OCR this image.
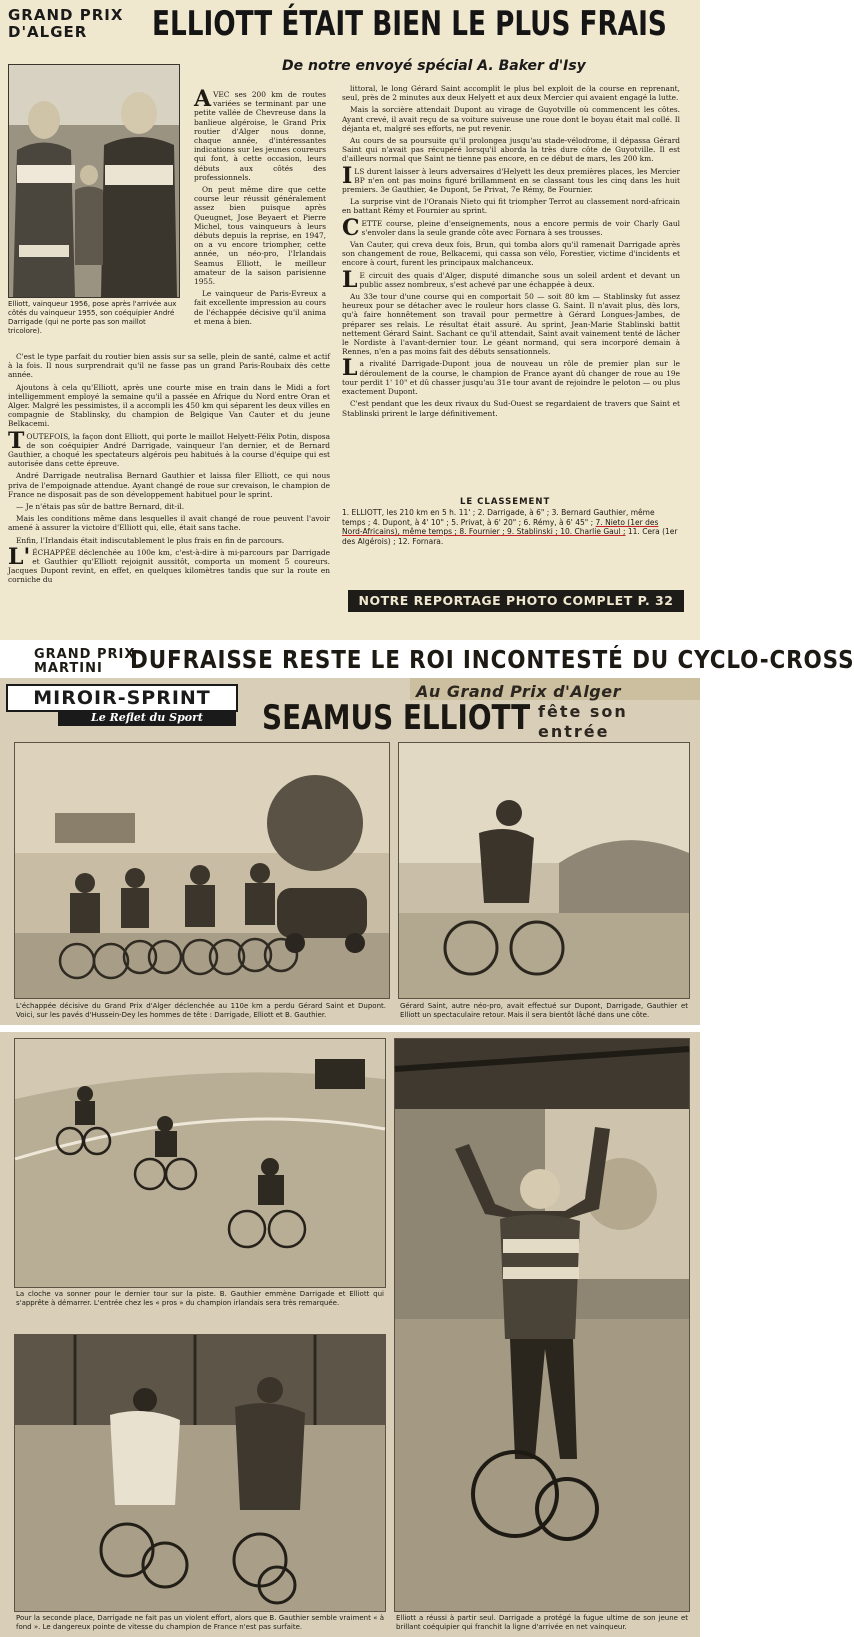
GRAND PRIX D'ALGER	ELLIOTT ÉTAIT BIEN LE PLUS FRAIS
De notre envoyé spécial A. Baker d'Isy
Elliott, vainqueur 1956, pose après l'arrivée aux côtés du vainqueur 1955, son coéquipier André Darrigade (qui ne porte pas son maillot tricolore).

AVEC ses 200 km de routes variées se terminant par une petite vallée de Chevreuse dans la banlieue algéroise, le Grand Prix routier d'Alger nous donne, chaque année, d'intéressantes indications sur les jeunes coureurs qui font, à cette occasion, leurs débuts aux côtés des professionnels.

On peut même dire que cette course leur réussit généralement assez bien puisque après Queugnet, Jose Beyaert et Pierre Michel, tous vainqueurs à leurs débuts depuis la reprise, en 1947, on a vu encore triompher, cette année, un néo-pro, l'Irlandais Seamus Elliott, le meilleur amateur de la saison parisienne 1955.

Le vainqueur de Paris-Evreux a fait excellente impression au cours de l'échappée décisive qu'il anima et mena à bien.

C'est le type parfait du routier bien assis sur sa selle, plein de santé, calme et actif à la fois. Il nous surprendrait qu'il ne fasse pas un grand Paris-Roubaix dès cette année.

Ajoutons à cela qu'Elliott, après une courte mise en train dans le Midi a fort intelligemment employé la semaine qu'il a passée en Afrique du Nord entre Oran et Alger. Malgré les pessimistes, il a accompli les 450 km qui séparent les deux villes en compagnie de Stablinsky, du champion de Belgique Van Cauter et du jeune Belkacemi.

TOUTEFOIS, la façon dont Elliott, qui porte le maillot Helyett-Félix Potin, disposa de son coéquipier André Darrigade, vainqueur l'an dernier, et de Bernard Gauthier, a choqué les spectateurs algérois peu habitués à la course d'équipe qui est autorisée dans cette épreuve.

André Darrigade neutralisa Bernard Gauthier et laissa filer Elliott, ce qui nous priva de l'empoignade attendue. Ayant changé de roue sur crevaison, le champion de France ne disposait pas de son développement habituel pour le sprint.

— Je n'étais pas sûr de battre Bernard, dit-il.

Mais les conditions même dans lesquelles il avait changé de roue peuvent l'avoir amené à assurer la victoire d'Elliott qui, elle, était sans tache.

Enfin, l'Irlandais était indiscutablement le plus frais en fin de parcours.

L'ÉCHAPPÉE déclenchée au 100e km, c'est-à-dire à mi-parcours par Darrigade et Gauthier qu'Elliott rejoignit aussitôt, comporta un moment 5 coureurs. Jacques Dupont revint, en effet, en quelques kilomètres tandis que sur la route en corniche du

littoral, le long Gérard Saint accomplit le plus bel exploit de la course en reprenant, seul, près de 2 minutes aux deux Helyett et aux deux Mercier qui avaient engagé la lutte.

Mais la sorcière attendait Dupont au virage de Guyotville où commencent les côtes. Ayant crevé, il avait reçu de sa voiture suiveuse une roue dont le boyau était mal collé. Il déjanta et, malgré ses efforts, ne put revenir.

Au cours de sa poursuite qu'il prolongea jusqu'au stade-vélodrome, il dépassa Gérard Saint qui n'avait pas récupéré lorsqu'il aborda la très dure côte de Guyotville. Il est d'ailleurs normal que Saint ne tienne pas encore, en ce début de mars, les 200 km.

ILS durent laisser à leurs adversaires d'Helyett les deux premières places, les Mercier BP n'en ont pas moins figuré brillamment en se classant tous les cinq dans les huit premiers. 3e Gauthier, 4e Dupont, 5e Privat, 7e Rémy, 8e Fournier.

La surprise vint de l'Oranais Nieto qui fit triompher Terrot au classement nord-africain en battant Rémy et Fournier au sprint.

CETTE course, pleine d'enseignements, nous a encore permis de voir Charly Gaul s'envoler dans la seule grande côte avec Fornara à ses trousses.

Van Cauter, qui creva deux fois, Brun, qui tomba alors qu'il ramenait Darrigade après son changement de roue, Belkacemi, qui cassa son vélo, Forestier, victime d'incidents et encore à court, furent les principaux malchanceux.

LE circuit des quais d'Alger, disputé dimanche sous un soleil ardent et devant un public assez nombreux, s'est achevé par une échappée à deux.

Au 33e tour d'une course qui en comportait 50 — soit 80 km — Stablinsky fut assez heureux pour se détacher avec le rouleur hors classe G. Saint. Il n'avait plus, dès lors, qu'à faire honnêtement son travail pour permettre à Gérard Longues-Jambes, de préparer ses relais. Le résultat était assuré. Au sprint, Jean-Marie Stablinski battit nettement Gérard Saint. Sachant ce qu'il attendait, Saint avait vainement tenté de lâcher le Nordiste à l'avant-dernier tour. Le géant normand, qui sera incorporé demain à Rennes, n'en a pas moins fait des débuts sensationnels.

La rivalité Darrigade-Dupont joua de nouveau un rôle de premier plan sur le déroulement de la course, le champion de France ayant dû changer de roue au 19e tour perdit 1' 10" et dû chasser jusqu'au 31e tour avant de rejoindre le peloton — ou plus exactement Dupont.

C'est pendant que les deux rivaux du Sud-Ouest se regardaient de travers que Saint et Stablinski prirent le large définitivement.

LE CLASSEMENT
1. ELLIOTT, les 210 km en 5 h. 11' ; 2. Darrigade, à 6" ; 3. Bernard Gauthier, même temps ; 4. Dupont, à 4' 10" ; 5. Privat, à 6' 20" ; 6. Rémy, à 6' 45" ; 7. Nieto (1er des Nord-Africains), même temps ; 8. Fournier ; 9. Stablinski ; 10. Charlie Gaul ; 11. Cera (1er des Algérois) ; 12. Fornara.
NOTRE REPORTAGE PHOTO COMPLET P. 32
GRAND PRIX
MARTINI	DUFRAISSE RESTE LE ROI INCONTESTÉ DU CYCLO-CROSS
Au Grand Prix d'Alger
MIROIR-SPRINT
Le Reflet du Sport	SEAMUS ELLIOTT fête son entrée
L'échappée décisive du Grand Prix d'Alger déclenchée au 110e km a perdu Gérard Saint et Dupont. Voici, sur les pavés d'Hussein-Dey les hommes de tête : Darrigade, Elliott et B. Gauthier.
Gérard Saint, autre néo-pro, avait effectué sur Dupont, Darrigade, Gauthier et Elliott un spectaculaire retour. Mais il sera bientôt lâché dans une côte.
La cloche va sonner pour le dernier tour sur la piste. B. Gauthier emmène Darrigade et Elliott qui s'apprête à démarrer. L'entrée chez les « pros » du champion irlandais sera très remarquée.
Pour la seconde place, Darrigade ne fait pas un violent effort, alors que B. Gauthier semble vraiment « à fond ». Le dangereux pointe de vitesse du champion de France n'est pas surfaite.
Elliott a réussi à partir seul. Darrigade a protégé la fugue ultime de son jeune et brillant coéquipier qui franchit la ligne d'arrivée en net vainqueur.
